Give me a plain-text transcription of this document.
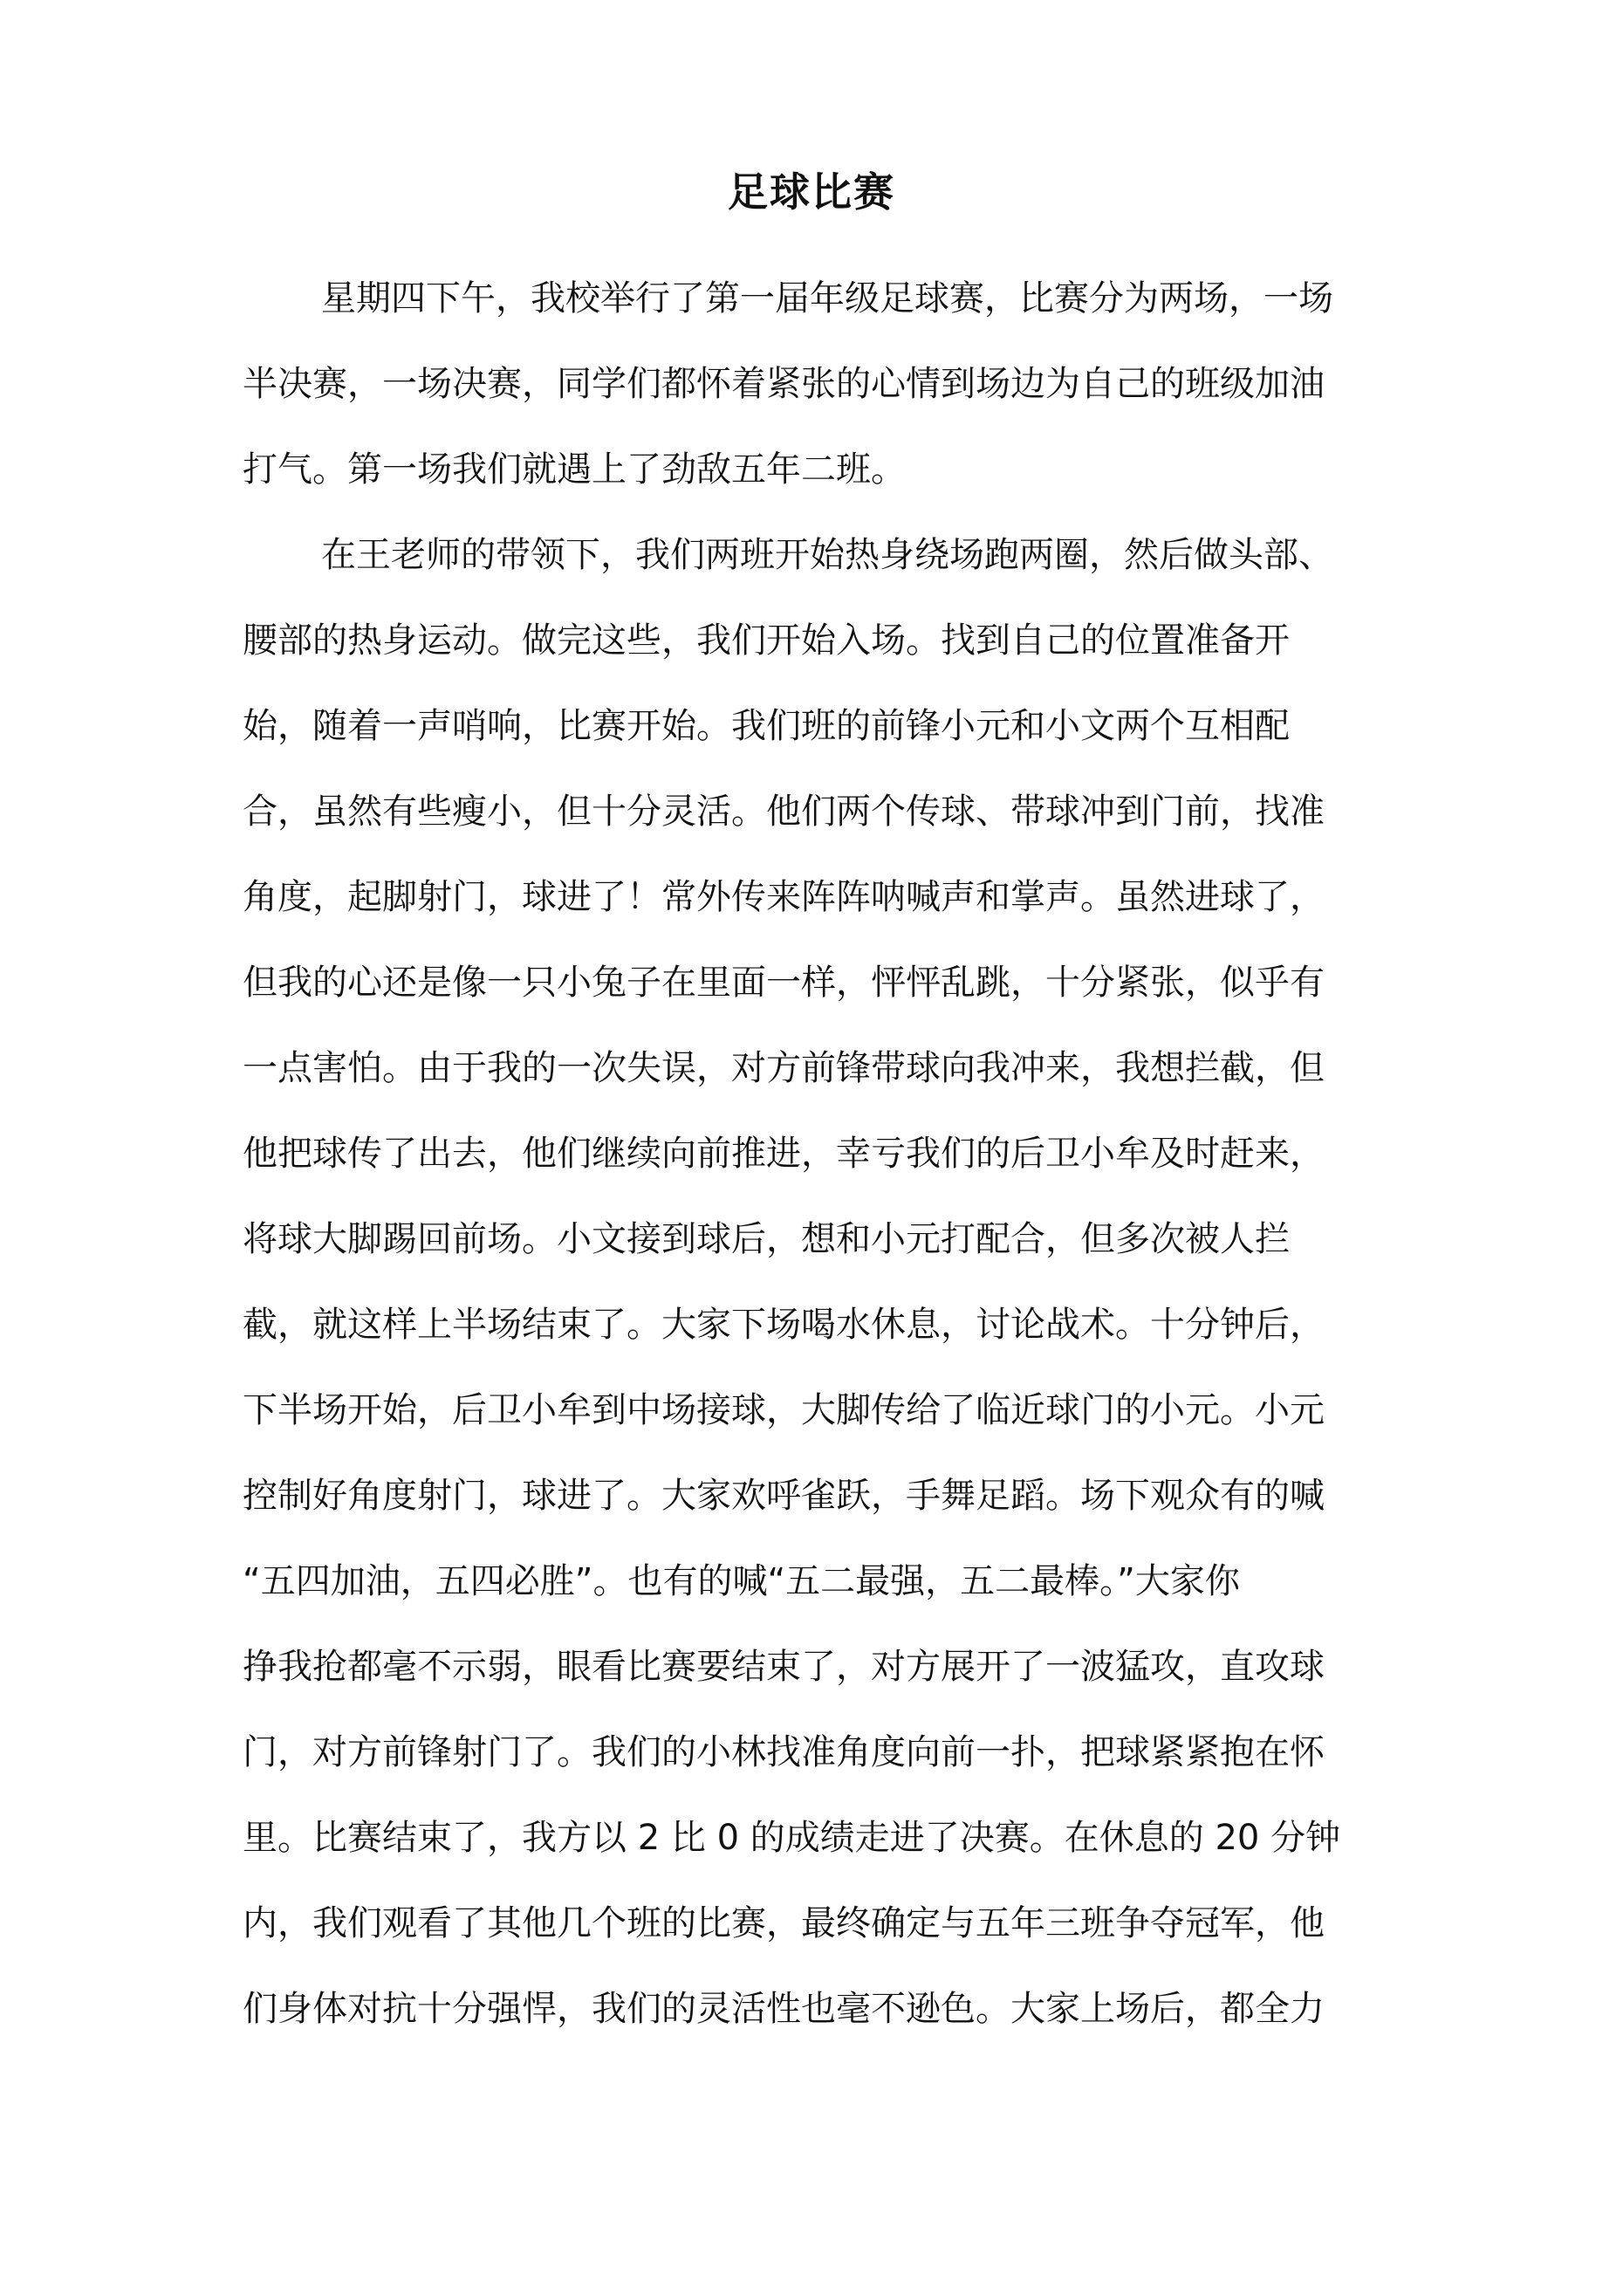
足球比赛
星期四下午，我校举行了第一届年级足球赛，比赛分为两场，一场
半决赛，一场决赛，同学们都怀着紧张的心情到场边为自己的班级加油
打气。第一场我们就遇上了劲敌五年二班。
在王老师的带领下，我们两班开始热身绕场跑两圈，然后做头部、
腰部的热身运动。做完这些，我们开始入场。找到自己的位置准备开
始，随着一声哨响，比赛开始。我们班的前锋小元和小文两个互相配
合，虽然有些瘦小，但十分灵活。他们两个传球、带球冲到门前，找准
角度，起脚射门，球进了！常外传来阵阵呐喊声和掌声。虽然进球了，
但我的心还是像一只小兔子在里面一样，怦怦乱跳，十分紧张，似乎有
一点害怕。由于我的一次失误，对方前锋带球向我冲来，我想拦截，但
他把球传了出去，他们继续向前推进，幸亏我们的后卫小牟及时赶来，
将球大脚踢回前场。小文接到球后，想和小元打配合，但多次被人拦
截，就这样上半场结束了。大家下场喝水休息，讨论战术。十分钟后，
下半场开始，后卫小牟到中场接球，大脚传给了临近球门的小元。小元
控制好角度射门，球进了。大家欢呼雀跃，手舞足蹈。场下观众有的喊
“五四加油，五四必胜”。也有的喊“五二最强，五二最棒。”大家你
挣我抢都毫不示弱，眼看比赛要结束了，对方展开了一波猛攻，直攻球
门，对方前锋射门了。我们的小林找准角度向前一扑，把球紧紧抱在怀
里。比赛结束了，我方以 2 比 0 的成绩走进了决赛。在休息的 20 分钟
内，我们观看了其他几个班的比赛，最终确定与五年三班争夺冠军，他
们身体对抗十分强悍，我们的灵活性也毫不逊色。大家上场后，都全力
